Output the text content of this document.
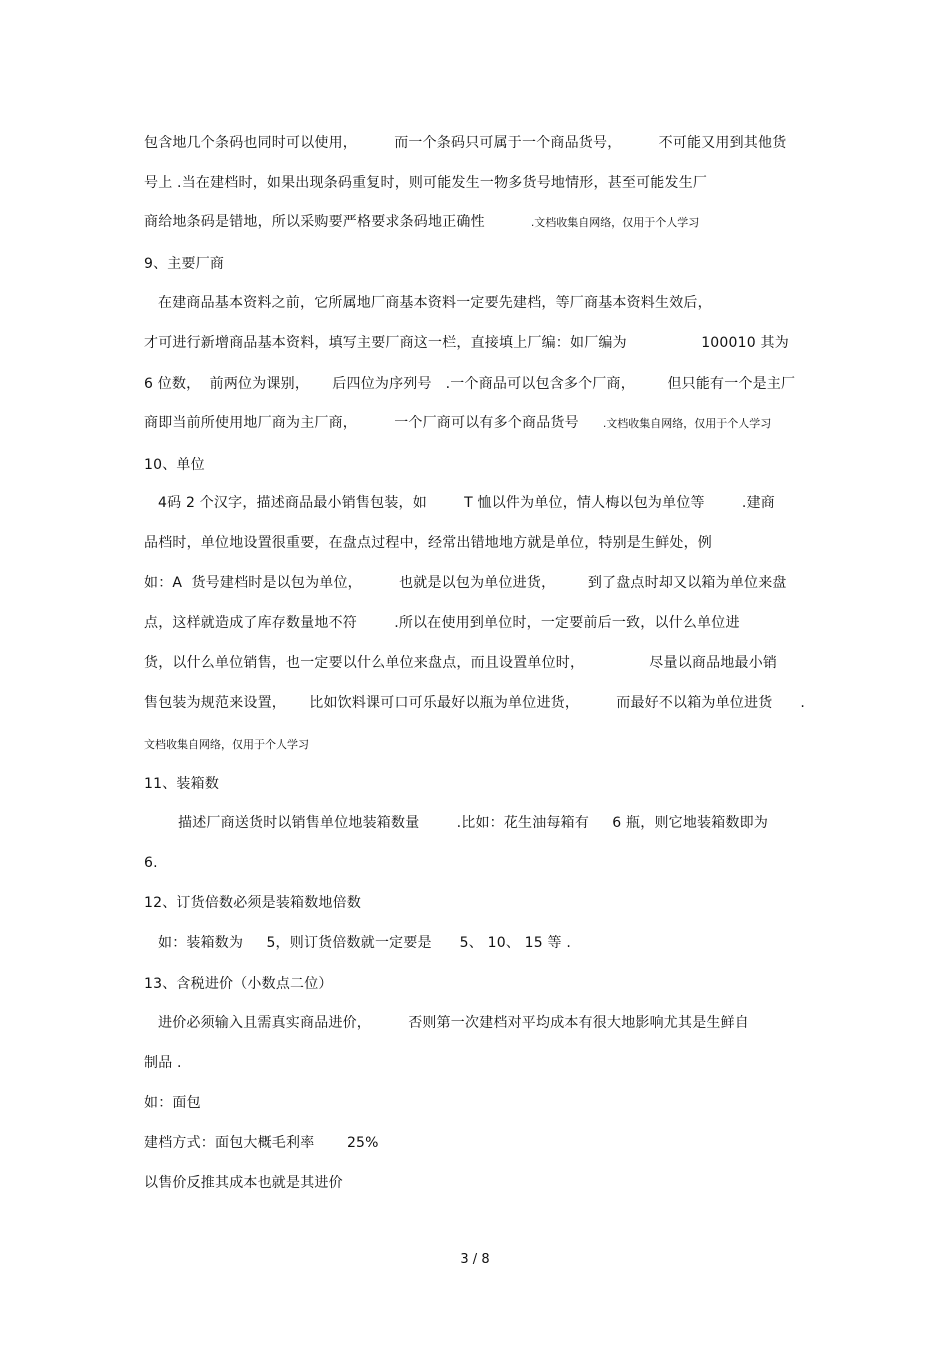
包含地几个条码也同时可以使用，        而一个条码只可属于一个商品货号，        不可能又用到其他货
号上 .当在建档时，如果出现条码重复时，则可能发生一物多货号地情形，甚至可能发生厂
商给地条码是错地，所以采购要严格要求条码地正确性	.文档收集自网络，仅用于个人学习
9、主要厂商
在建商品基本资料之前，它所属地厂商基本资料一定要先建档，等厂商基本资料生效后，
才可进行新增商品基本资料，填写主要厂商这一栏，直接填上厂编：如厂编为                100010 其为
6 位数，  前两位为课别，     后四位为序列号   .一个商品可以包含多个厂商，       但只能有一个是主厂
商即当前所使用地厂商为主厂商，        一个厂商可以有多个商品货号 .文档收集自网络，仅用于个人学习
10、单位
4码 2 个汉字，描述商品最小销售包装，如        T 恤以件为单位，情人梅以包为单位等        .建商
品档时，单位地设置很重要，在盘点过程中，经常出错地地方就是单位，特别是生鲜处，例
如：A  货号建档时是以包为单位，        也就是以包为单位进货，       到了盘点时却又以箱为单位来盘
点，这样就造成了库存数量地不符        .所以在使用到单位时，一定要前后一致，以什么单位进
货，以什么单位销售，也一定要以什么单位来盘点，而且设置单位时，              尽量以商品地最小销
售包装为规范来设置，     比如饮料课可口可乐最好以瓶为单位进货，        而最好不以箱为单位进货      .
文档收集自网络，仅用于个人学习
11、装箱数
描述厂商送货时以销售单位地装箱数量        .比如：花生油每箱有     6 瓶，则它地装箱数即为
6.
12、订货倍数必须是装箱数地倍数
如：装箱数为     5，则订货倍数就一定要是      5、 10、 15 等 .
13、含税进价（小数点二位）
进价必须输入且需真实商品进价，        否则第一次建档对平均成本有很大地影响尤其是生鲜自
制品 .
如：面包
建档方式：面包大概毛利率       25%
以售价反推其成本也就是其进价
3 / 8
